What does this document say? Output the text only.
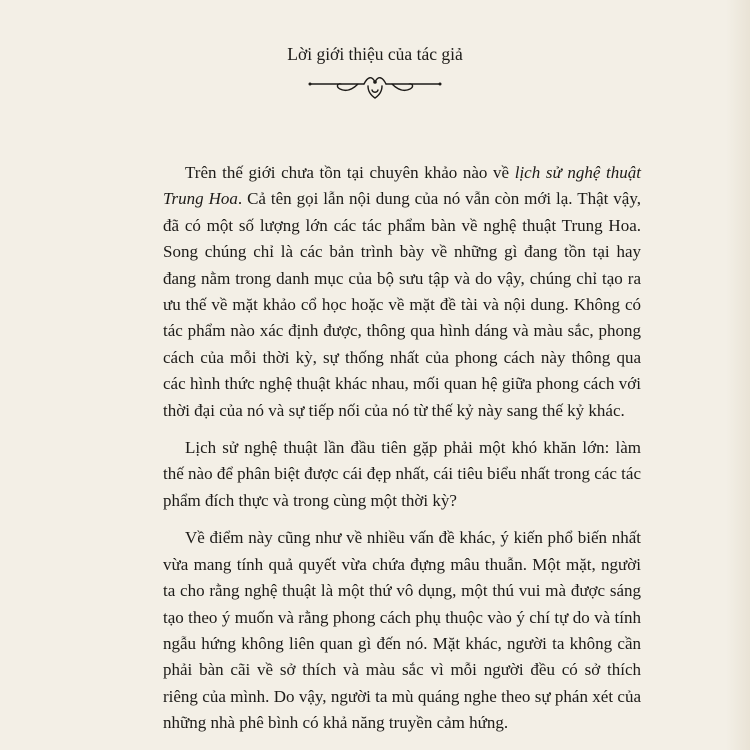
Lời giới thiệu của tác giả

Trên thế giới chưa tồn tại chuyên khảo nào về lịch sử nghệ thuật Trung Hoa. Cả tên gọi lẫn nội dung của nó vẫn còn mới lạ. Thật vậy, đã có một số lượng lớn các tác phẩm bàn về nghệ thuật Trung Hoa. Song chúng chỉ là các bản trình bày về những gì đang tồn tại hay đang nằm trong danh mục của bộ sưu tập và do vậy, chúng chỉ tạo ra ưu thế về mặt khảo cổ học hoặc về mặt đề tài và nội dung. Không có tác phẩm nào xác định được, thông qua hình dáng và màu sắc, phong cách của mỗi thời kỳ, sự thống nhất của phong cách này thông qua các hình thức nghệ thuật khác nhau, mối quan hệ giữa phong cách với thời đại của nó và sự tiếp nối của nó từ thế kỷ này sang thế kỷ khác.

Lịch sử nghệ thuật lần đầu tiên gặp phải một khó khăn lớn: làm thế nào để phân biệt được cái đẹp nhất, cái tiêu biểu nhất trong các tác phẩm đích thực và trong cùng một thời kỳ?

Về điểm này cũng như về nhiều vấn đề khác, ý kiến phổ biến nhất vừa mang tính quả quyết vừa chứa đựng mâu thuẫn. Một mặt, người ta cho rằng nghệ thuật là một thứ vô dụng, một thú vui mà được sáng tạo theo ý muốn và rằng phong cách phụ thuộc vào ý chí tự do và tính ngẫu hứng không liên quan gì đến nó. Mặt khác, người ta không cần phải bàn cãi về sở thích và màu sắc vì mỗi người đều có sở thích riêng của mình. Do vậy, người ta mù quáng nghe theo sự phán xét của những nhà phê bình có khả năng truyền cảm hứng.
